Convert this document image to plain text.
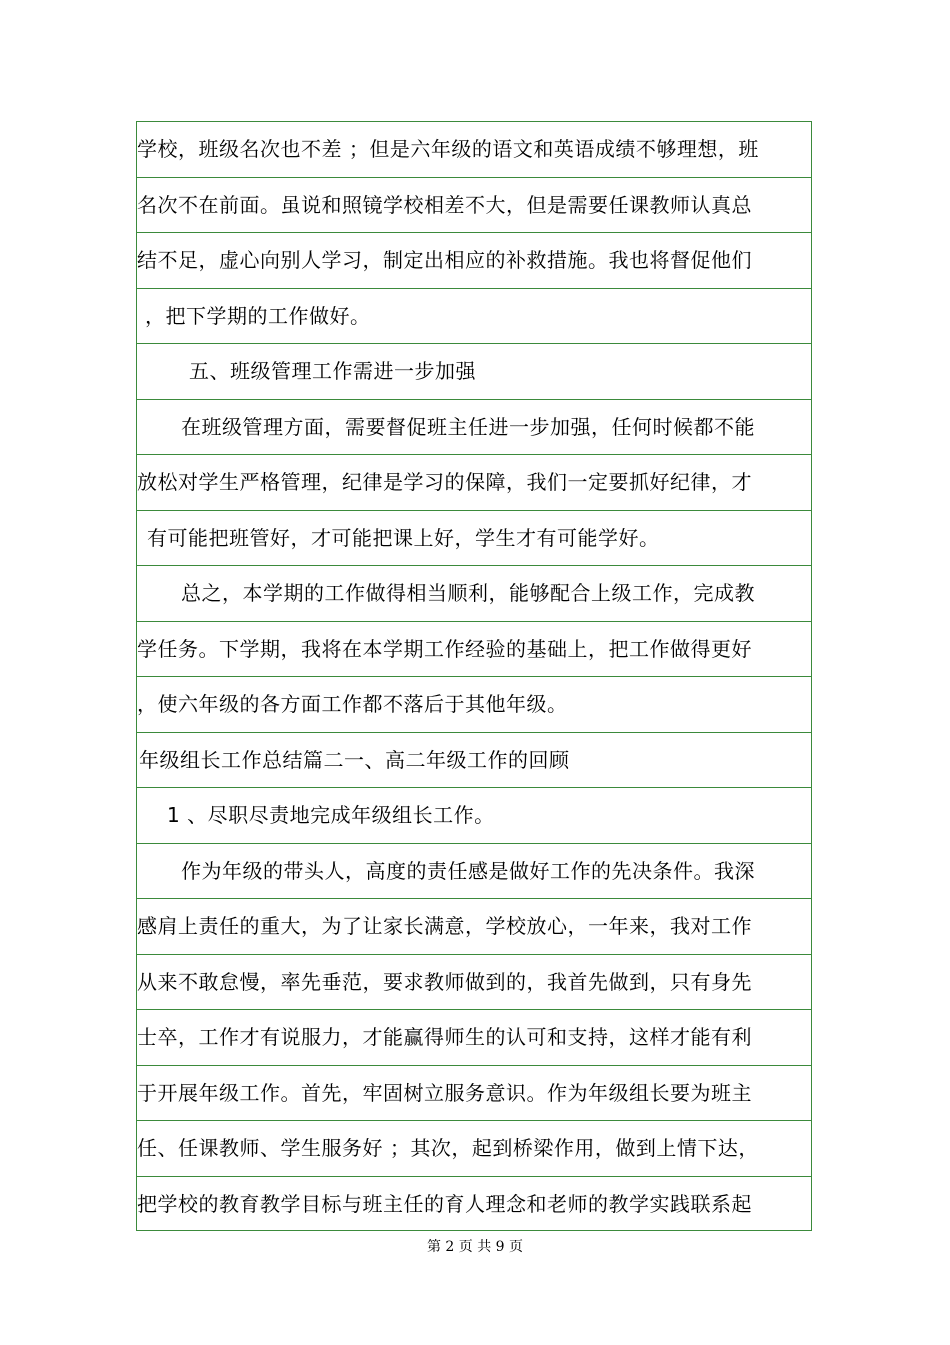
学校，班级名次也不差 ；但是六年级的语文和英语成绩不够理想，班
名次不在前面。虽说和照镜学校相差不大，但是需要任课教师认真总
结不足，虚心向别人学习，制定出相应的补救措施。我也将督促他们
，把下学期的工作做好。
五、班级管理工作需进一步加强
在班级管理方面，需要督促班主任进一步加强，任何时候都不能
放松对学生严格管理，纪律是学习的保障，我们一定要抓好纪律，才
有可能把班管好，才可能把课上好，学生才有可能学好。
总之，本学期的工作做得相当顺利，能够配合上级工作，完成教
学任务。下学期，我将在本学期工作经验的基础上，把工作做得更好
，使六年级的各方面工作都不落后于其他年级。
年级组长工作总结篇二一、高二年级工作的回顾
1 、尽职尽责地完成年级组长工作。
作为年级的带头人，高度的责任感是做好工作的先决条件。我深
感肩上责任的重大，为了让家长满意，学校放心，一年来，我对工作
从来不敢怠慢，率先垂范，要求教师做到的，我首先做到，只有身先
士卒，工作才有说服力，才能赢得师生的认可和支持，这样才能有利
于开展年级工作。首先，牢固树立服务意识。作为年级组长要为班主
任、任课教师、学生服务好 ；其次，起到桥梁作用，做到上情下达，
把学校的教育教学目标与班主任的育人理念和老师的教学实践联系起
第 2 页 共 9 页
